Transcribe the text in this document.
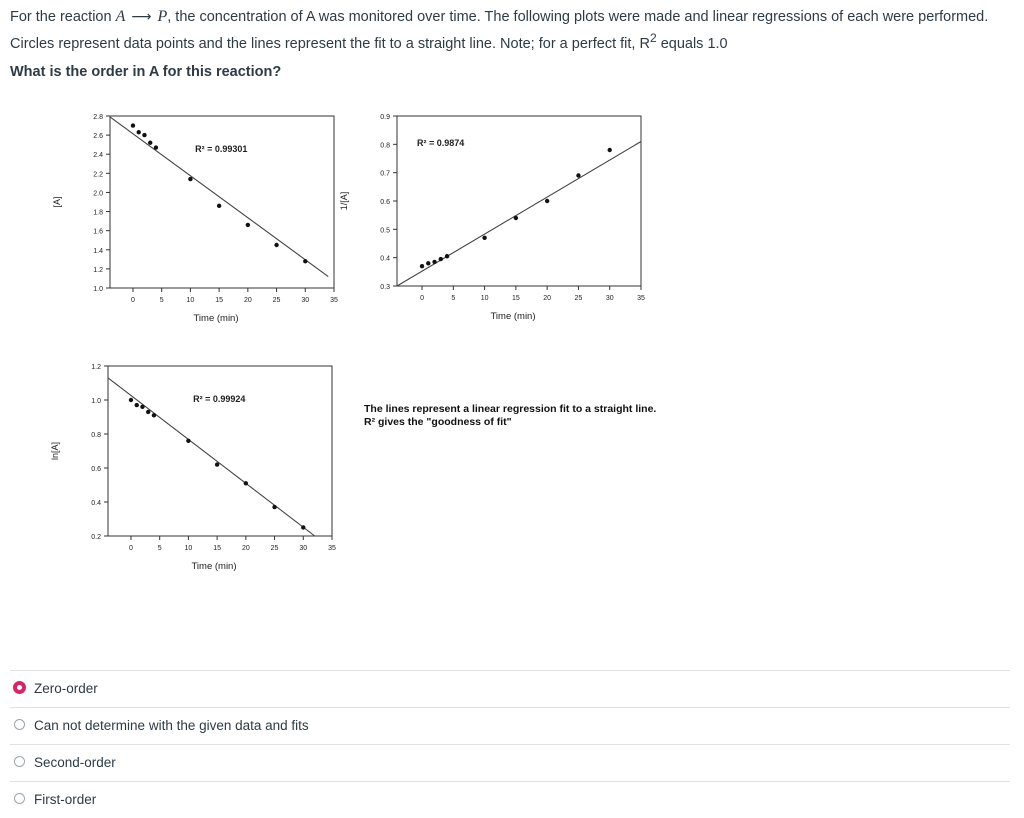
For the reaction A ⟶ P, the concentration of A was monitored over time. The following plots were made and linear regressions of each were performed. Circles represent data points and the lines represent the fit to a straight line. Note; for a perfect fit, $R^2$ equals 1.0
What is the order in A for this reaction?
2.8
2.6
2.4
2.2
2.0
1.8
1.6
1.4
1.2
1.0
0	5	10	15	20	25	30	35
R² = 0.99301
Time (min)
[A]
0.9
0.8
0.7
0.6
0.5
0.4
0.3
0	5	10	15	20	25	30	35
R² = 0.9874
Time (min)
1/[A]
1.2
1.0
0.8
0.6
0.4
0.2
0	5	10	15	20	25	30	35
R² = 0.99924
Time (min)
ln[A]
The lines represent a linear regression fit to a straight line.
R² gives the "goodness of fit"
Zero-order
Can not determine with the given data and fits
Second-order
First-order
